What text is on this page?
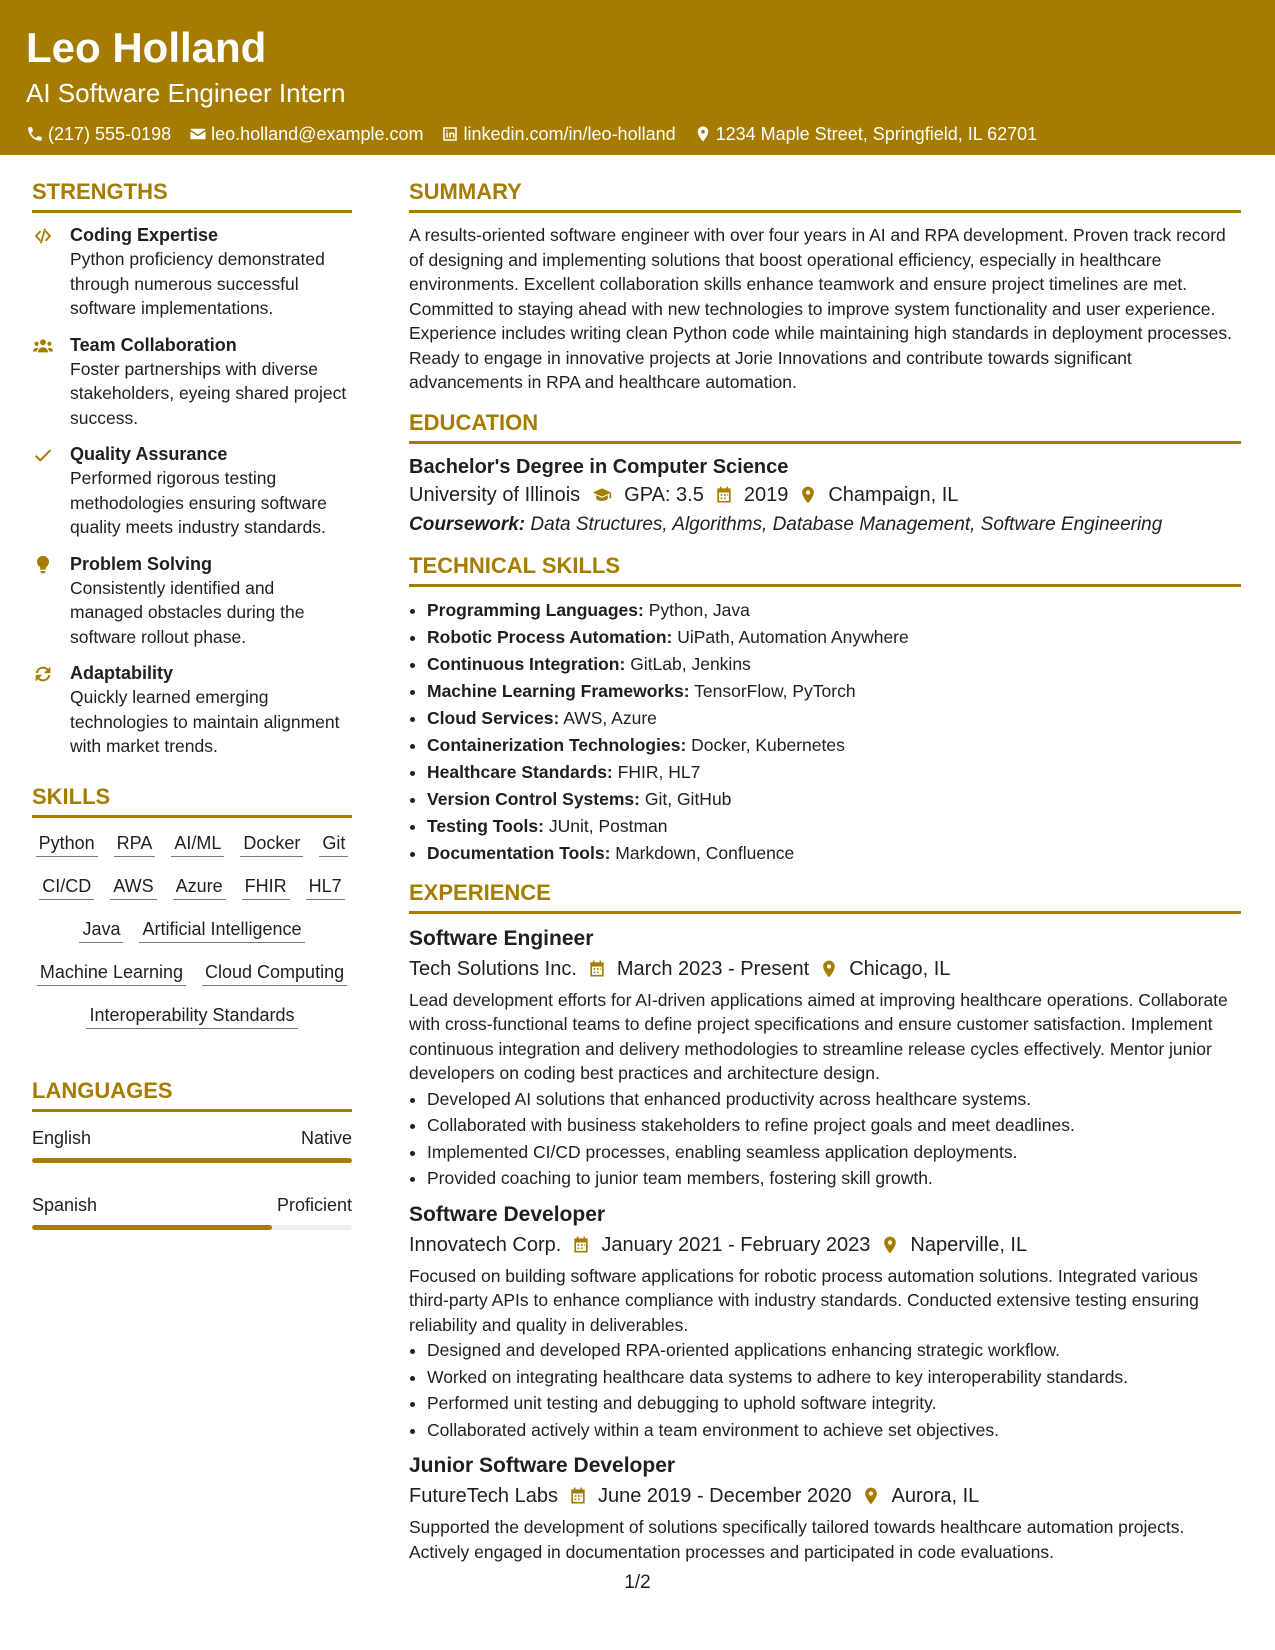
Leo Holland
AI Software Engineer Intern
(217) 555-0198 leo.holland@example.com linkedin.com/in/leo-holland 1234 Maple Street, Springfield, IL 62701
STRENGTHS
Coding Expertise
Python proficiency demonstrated through numerous successful software implementations.
Team Collaboration
Foster partnerships with diverse stakeholders, eyeing shared project success.
Quality Assurance
Performed rigorous testing methodologies ensuring software quality meets industry standards.
Problem Solving
Consistently identified and managed obstacles during the software rollout phase.
Adaptability
Quickly learned emerging technologies to maintain alignment with market trends.
SKILLS
Python RPA AI/ML Docker Git
CI/CD AWS Azure FHIR HL7
Java Artificial Intelligence
Machine Learning Cloud Computing
Interoperability Standards
LANGUAGES
English	Native
Spanish	Proficient
SUMMARY
A results-oriented software engineer with over four years in AI and RPA development. Proven track record of designing and implementing solutions that boost operational efficiency, especially in healthcare environments. Excellent collaboration skills enhance teamwork and ensure project timelines are met. Committed to staying ahead with new technologies to improve system functionality and user experience. Experience includes writing clean Python code while maintaining high standards in deployment processes. Ready to engage in innovative projects at Jorie Innovations and contribute towards significant advancements in RPA and healthcare automation.
EDUCATION
Bachelor's Degree in Computer Science
University of Illinois GPA: 3.5 2019 Champaign, IL
Coursework: Data Structures, Algorithms, Database Management, Software Engineering
TECHNICAL SKILLS
• Programming Languages: Python, Java
• Robotic Process Automation: UiPath, Automation Anywhere
• Continuous Integration: GitLab, Jenkins
• Machine Learning Frameworks: TensorFlow, PyTorch
• Cloud Services: AWS, Azure
• Containerization Technologies: Docker, Kubernetes
• Healthcare Standards: FHIR, HL7
• Version Control Systems: Git, GitHub
• Testing Tools: JUnit, Postman
• Documentation Tools: Markdown, Confluence
EXPERIENCE
Software Engineer
Tech Solutions Inc. March 2023 - Present Chicago, IL
Lead development efforts for AI-driven applications aimed at improving healthcare operations. Collaborate with cross-functional teams to define project specifications and ensure customer satisfaction. Implement continuous integration and delivery methodologies to streamline release cycles effectively. Mentor junior developers on coding best practices and architecture design.
• Developed AI solutions that enhanced productivity across healthcare systems.
• Collaborated with business stakeholders to refine project goals and meet deadlines.
• Implemented CI/CD processes, enabling seamless application deployments.
• Provided coaching to junior team members, fostering skill growth.
Software Developer
Innovatech Corp. January 2021 - February 2023 Naperville, IL
Focused on building software applications for robotic process automation solutions. Integrated various third-party APIs to enhance compliance with industry standards. Conducted extensive testing ensuring reliability and quality in deliverables.
• Designed and developed RPA-oriented applications enhancing strategic workflow.
• Worked on integrating healthcare data systems to adhere to key interoperability standards.
• Performed unit testing and debugging to uphold software integrity.
• Collaborated actively within a team environment to achieve set objectives.
Junior Software Developer
FutureTech Labs June 2019 - December 2020 Aurora, IL
Supported the development of solutions specifically tailored towards healthcare automation projects. Actively engaged in documentation processes and participated in code evaluations.
1/2
